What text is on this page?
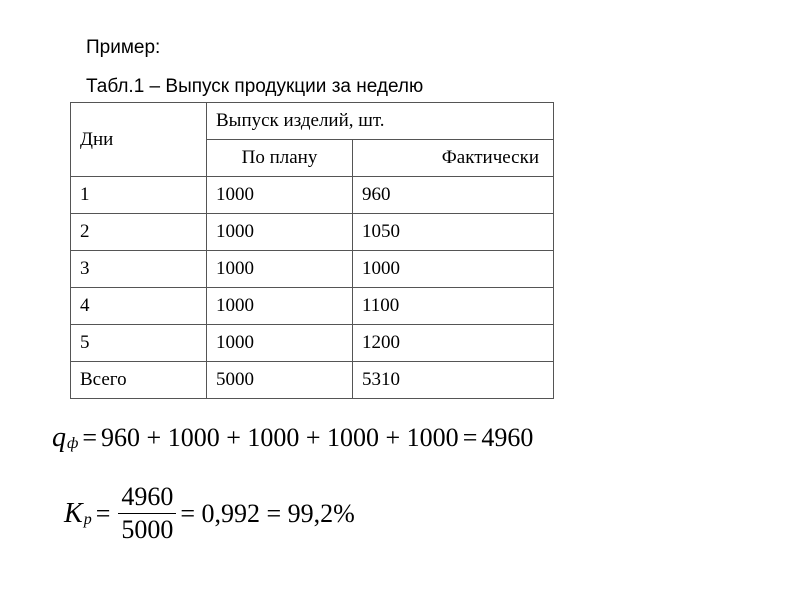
Пример:
Табл.1 – Выпуск продукции за неделю
Дни	Выпуск изделий, шт.	
	По плану	Фактически
1	1000	960
2	1000	1050
3	1000	1000
4	1000	1100
5	1000	1200
Всего	5000	5310
q ф = 960 + 1000 + 1000 + 1000 + 1000 = 4960
K $p = \frac{4960}{5000} = 0,992 = 99,2\%$
